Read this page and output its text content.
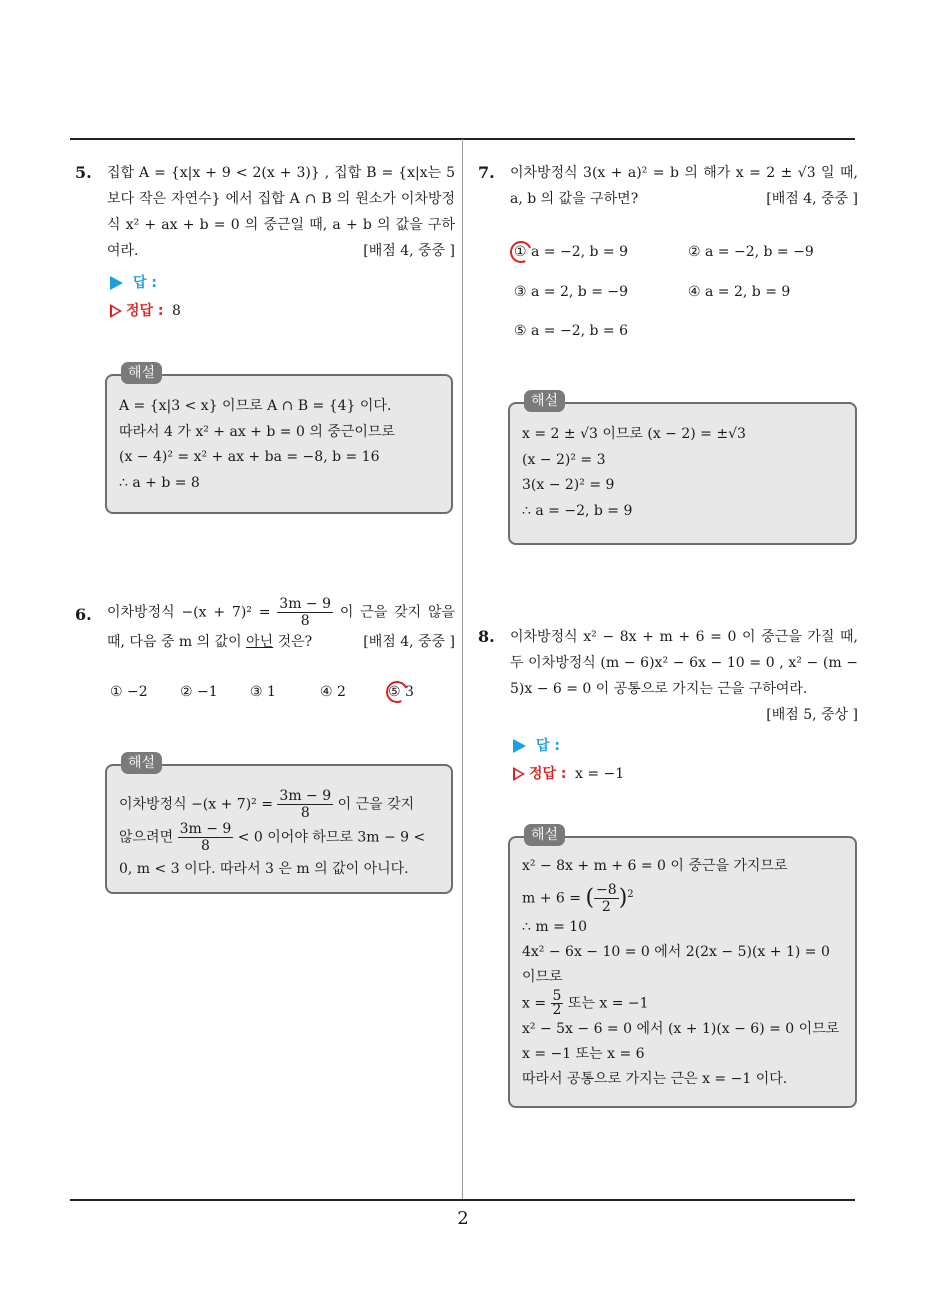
5. 집합 A = {x|x + 9 < 2(x + 3)} , 집합 B = {x|x는 5보다 작은 자연수} 에서 집합 A ∩ B 의 원소가 이차방정식 x² + ax + b = 0 의 중근일 때, a + b 의 값을 구하여라.	[배점 4, 중중 ]
답 :
정답 : 8
해설
A = {x|3 < x} 이므로 A ∩ B = {4} 이다.
따라서 4 가 x² + ax + b = 0 의 중근이므로
(x − 4)² = x² + ax + ba = −8, b = 16
∴ a + b = 8
6. 이차방정식 $-(x + 7)^2 = \frac{3m - 9}{8}$ 이 근을 갖지 않을 때, 다음 중 m 의 값이 아닌 것은?	[배점 4, 중중 ]
① −2 ② −1 ③ 1	④ 2	⑤ 3
해설
이차방정식 $-(x + 7)^2 = \frac{3m - 9}{8}$ 이 근을 갖지
않으려면 $\frac{3m - 9}{8} < 0$ 이어야 하므로 3m − 9 <
0, m < 3 이다. 따라서 3 은 m 의 값이 아니다.
7. 이차방정식 3(x + a)² = b 의 해가 x = 2 ± √3 일 때, a, b 의 값을 구하면?	[배점 4, 중중 ]
① a = −2, b = 9	② a = −2, b = −9
③ a = 2, b = −9	④ a = 2, b = 9
⑤ a = −2, b = 6
해설
x = 2 ± √3 이므로 (x − 2) = ±√3
(x − 2)² = 3
3(x − 2)² = 9
∴ a = −2, b = 9
8. 이차방정식 x² − 8x + m + 6 = 0 이 중근을 가질 때, 두 이차방정식 (m − 6)x² − 6x − 10 = 0 , x² − (m − 5)x − 6 = 0 이 공통으로 가지는 근을 구하여라.
[배점 5, 중상 ]
답 :
정답 : x = −1
해설
x² − 8x + m + 6 = 0 이 중근을 가지므로
m + 6 = ( $\frac{-8}{2} )^2$
∴ m = 10
4x² − 6x − 10 = 0 에서 2(2x − 5)(x + 1) = 0
이므로
$x = \frac{5}{2}$ 또는 x = −1
x² − 5x − 6 = 0 에서 (x + 1)(x − 6) = 0 이므로
x = −1 또는 x = 6
따라서 공통으로 가지는 근은 x = −1 이다.
2
